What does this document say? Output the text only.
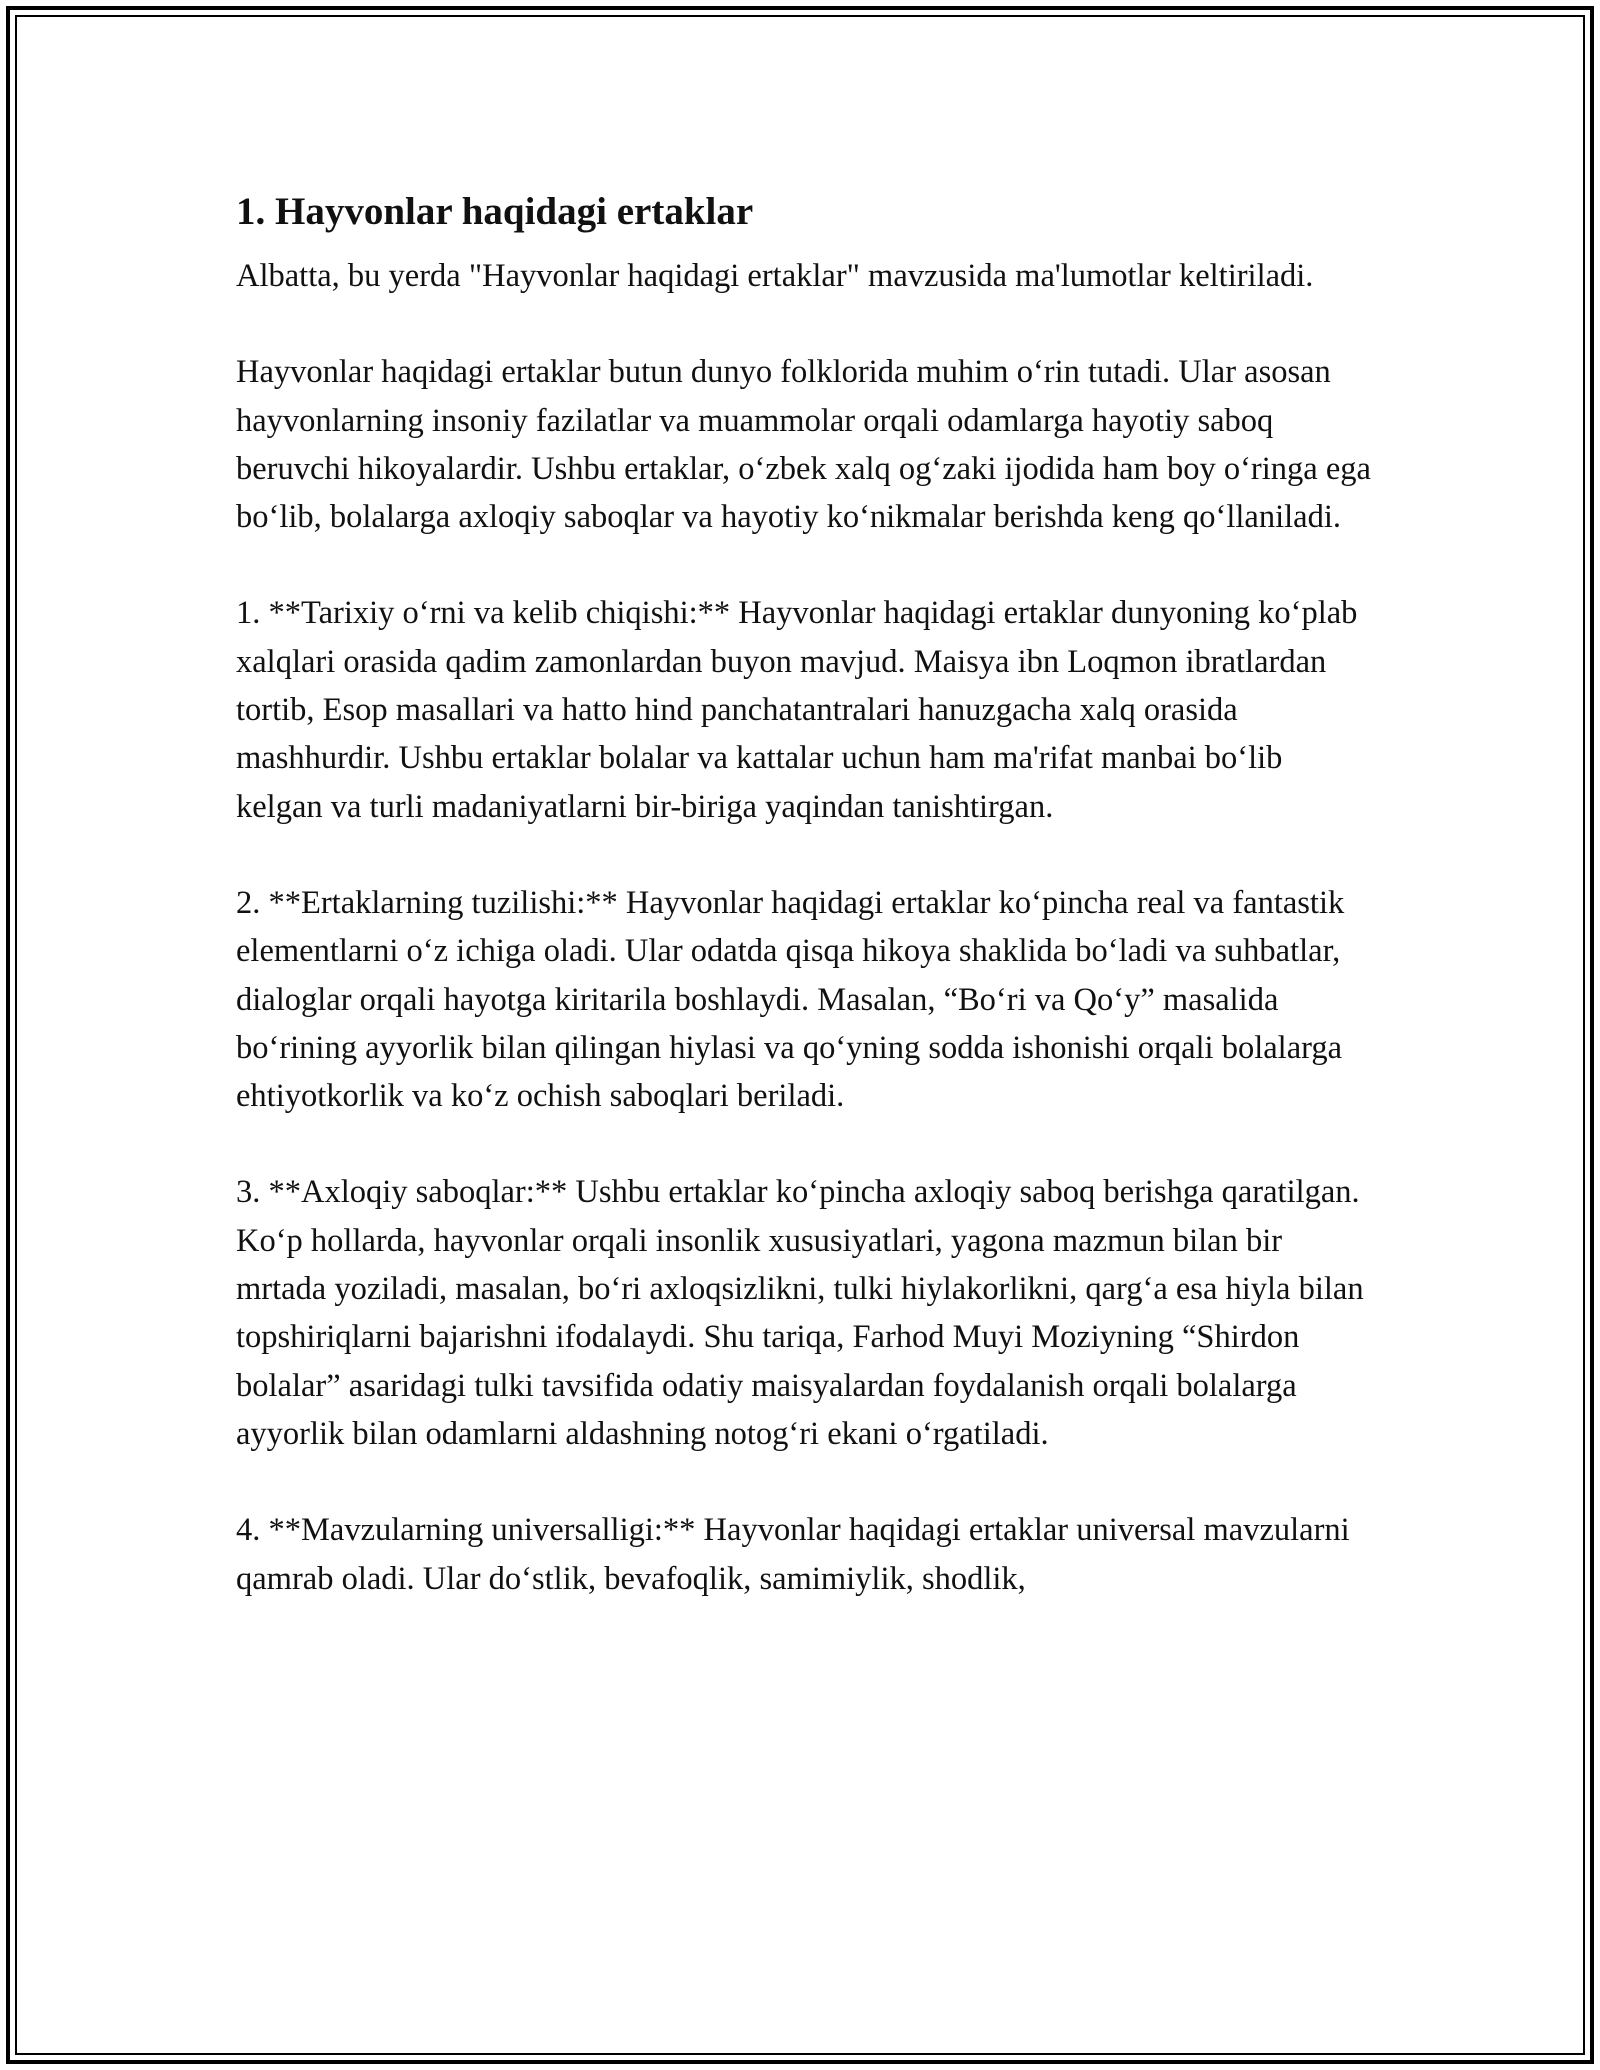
1. Hayvonlar haqidagi ertaklar

Albatta, bu yerda "Hayvonlar haqidagi ertaklar" mavzusida ma'lumotlar keltiriladi.

Hayvonlar haqidagi ertaklar butun dunyo folklorida muhim o‘rin tutadi. Ular asosan hayvonlarning insoniy fazilatlar va muammolar orqali odamlarga hayotiy saboq beruvchi hikoyalardir. Ushbu ertaklar, o‘zbek xalq og‘zaki ijodida ham boy o‘ringa ega bo‘lib, bolalarga axloqiy saboqlar va hayotiy ko‘nikmalar berishda keng qo‘llaniladi.

1. **Tarixiy o‘rni va kelib chiqishi:** Hayvonlar haqidagi ertaklar dunyoning ko‘plab xalqlari orasida qadim zamonlardan buyon mavjud. Maisya ibn Loqmon ibratlardan tortib, Esop masallari va hatto hind panchatantralari hanuzgacha xalq orasida mashhurdir. Ushbu ertaklar bolalar va kattalar uchun ham ma'rifat manbai bo‘lib kelgan va turli madaniyatlarni bir-biriga yaqindan tanishtirgan.

2. **Ertaklarning tuzilishi:** Hayvonlar haqidagi ertaklar ko‘pincha real va fantastik elementlarni o‘z ichiga oladi. Ular odatda qisqa hikoya shaklida bo‘ladi va suhbatlar, dialoglar orqali hayotga kiritarila boshlaydi. Masalan, “Bo‘ri va Qo‘y” masalida bo‘rining ayyorlik bilan qilingan hiylasi va qo‘yning sodda ishonishi orqali bolalarga ehtiyotkorlik va ko‘z ochish saboqlari beriladi.

3. **Axloqiy saboqlar:** Ushbu ertaklar ko‘pincha axloqiy saboq berishga qaratilgan. Ko‘p hollarda, hayvonlar orqali insonlik xususiyatlari, yagona mazmun bilan bir mrtada yoziladi, masalan, bo‘ri axloqsizlikni, tulki hiylakorlikni, qarg‘a esa hiyla bilan topshiriqlarni bajarishni ifodalaydi. Shu tariqa, Farhod Muyi Moziyning “Shirdon bolalar” asaridagi tulki tavsifida odatiy maisyalardan foydalanish orqali bolalarga ayyorlik bilan odamlarni aldashning notog‘ri ekani o‘rgatiladi.

4. **Mavzularning universalligi:** Hayvonlar haqidagi ertaklar universal mavzularni qamrab oladi. Ular do‘stlik, bevafoqlik, samimiylik, shodlik,
